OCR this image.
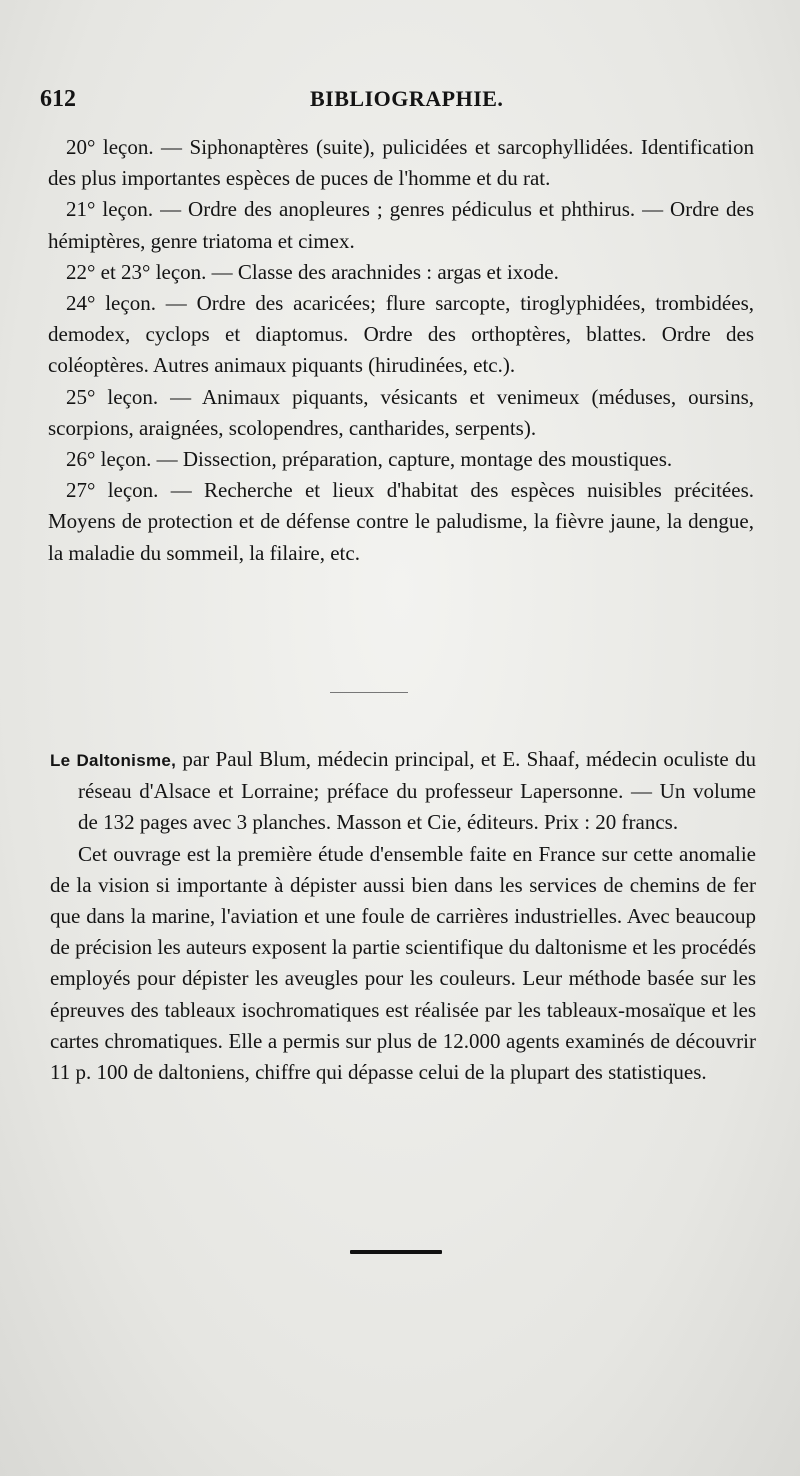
612	BIBLIOGRAPHIE.

20° leçon. — Siphonaptères (suite), pulicidées et sarcophyllidées. Identification des plus importantes espèces de puces de l'homme et du rat.

21° leçon. — Ordre des anopleures ; genres pédiculus et phthirus. — Ordre des hémiptères, genre triatoma et cimex.

22° et 23° leçon. — Classe des arachnides : argas et ixode.

24° leçon. — Ordre des acaricées; flure sarcopte, tiroglyphidées, trombidées, demodex, cyclops et diaptomus. Ordre des orthoptères, blattes. Ordre des coléoptères. Autres animaux piquants (hirudinées, etc.).

25° leçon. — Animaux piquants, vésicants et venimeux (méduses, oursins, scorpions, araignées, scolopendres, cantharides, serpents).

26° leçon. — Dissection, préparation, capture, montage des moustiques.

27° leçon. — Recherche et lieux d'habitat des espèces nuisibles précitées. Moyens de protection et de défense contre le paludisme, la fièvre jaune, la dengue, la maladie du sommeil, la filaire, etc.

Le Daltonisme, par Paul Blum, médecin principal, et E. Shaaf, médecin oculiste du réseau d'Alsace et Lorraine; préface du professeur Lapersonne. — Un volume de 132 pages avec 3 planches. Masson et Cie, éditeurs. Prix : 20 francs.

Cet ouvrage est la première étude d'ensemble faite en France sur cette anomalie de la vision si importante à dépister aussi bien dans les services de chemins de fer que dans la marine, l'aviation et une foule de carrières industrielles. Avec beaucoup de précision les auteurs exposent la partie scientifique du daltonisme et les procédés employés pour dépister les aveugles pour les couleurs. Leur méthode basée sur les épreuves des tableaux isochromatiques est réalisée par les tableaux-mosaïque et les cartes chromatiques. Elle a permis sur plus de 12.000 agents examinés de découvrir 11 p. 100 de daltoniens, chiffre qui dépasse celui de la plupart des statistiques.
